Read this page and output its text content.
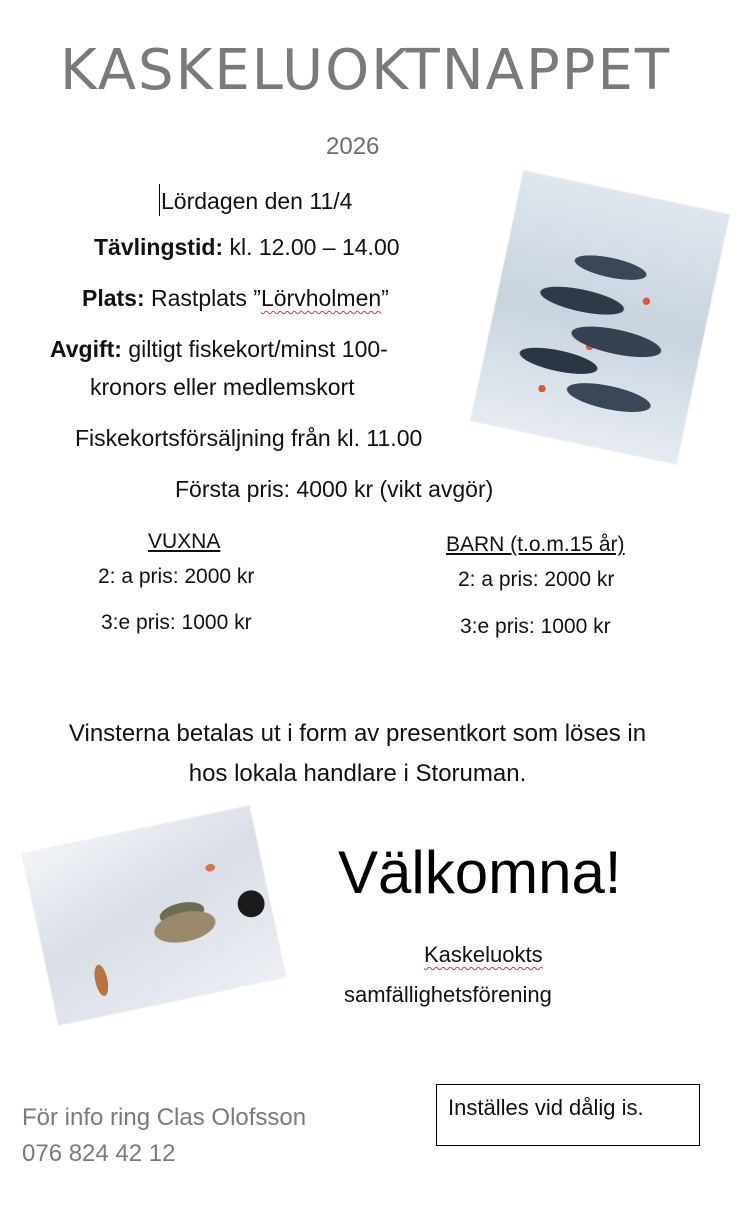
KASKELUOKTNAPPET
2026
Lördagen den 11/4
Tävlingstid: kl. 12.00 – 14.00
Plats: Rastplats ”Lörvholmen”
Avgift: giltigt fiskekort/minst 100-
kronors eller medlemskort
Fiskekortsförsäljning från kl. 11.00
Första pris: 4000 kr (vikt avgör)
VUXNA
2: a pris: 2000 kr
3:e pris: 1000 kr
BARN (t.o.m.15 år)
2: a pris: 2000 kr
3:e pris: 1000 kr
Vinsterna betalas ut i form av presentkort som löses in
hos lokala handlare i Storuman.
Välkomna!
Kaskeluokts
samfällighetsförening
För info ring Clas Olofsson
076 824 42 12
Inställes vid dålig is.
